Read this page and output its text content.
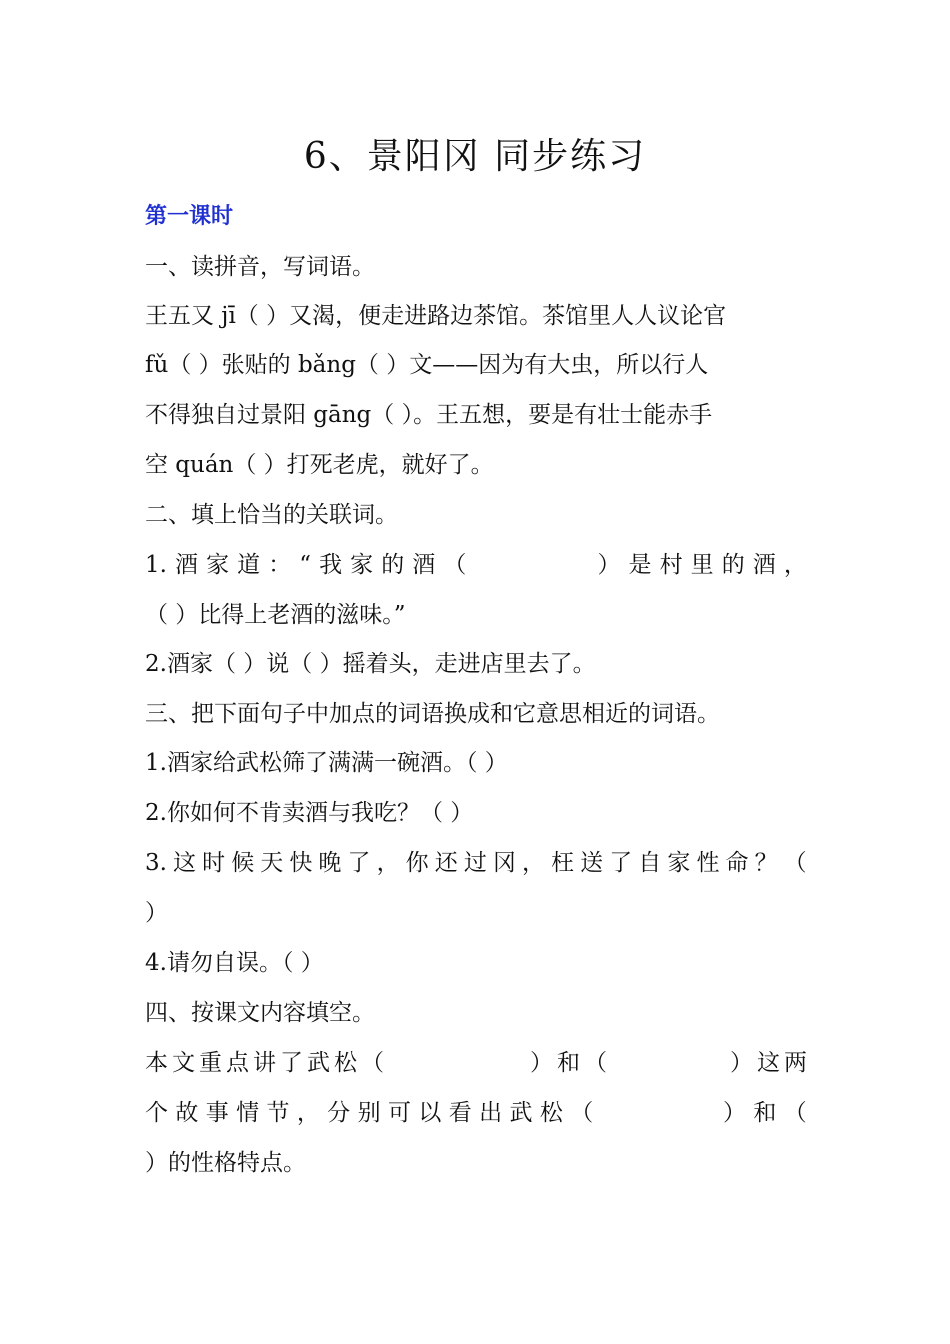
6、景阳冈 同步练习
第一课时
一、读拼音，写词语。
王五又 jī（ ）又渴，便走进路边茶馆。茶馆里人人议论官
fǔ（ ）张贴的 bǎng（ ）文——因为有大虫，所以行人
不得独自过景阳 gāng（ ）。王五想，要是有壮士能赤手
空 quán（ ）打死老虎，就好了。
二、填上恰当的关联词。
1. 酒 家 道 ： “ 我 家 的 酒 （
　　　　　	） 是 村 里 的 酒 ，
（ ）比得上老酒的滋味。”
2.酒家（ ）说（ ）摇着头，走进店里去了。
三、把下面句子中加点的词语换成和它意思相近的词语。
1.酒家给武松筛了满满一碗酒。（ ）
2.你如何不肯卖酒与我吃？（ ）
3. 这 时 候 天 快 晚 了 ， 你 还 过 冈 ， 枉 送 了 自 家 性 命 ？ （
）
4.请勿自误。（ ）
四、按课文内容填空。
本 文 重 点 讲 了 武 松 （
　　　　　　	） 和 （
　　　　　	） 这 两
个 故 事 情 节 ， 分 别 可 以 看 出 武 松 （
　　　　　	） 和 （
）的性格特点。
